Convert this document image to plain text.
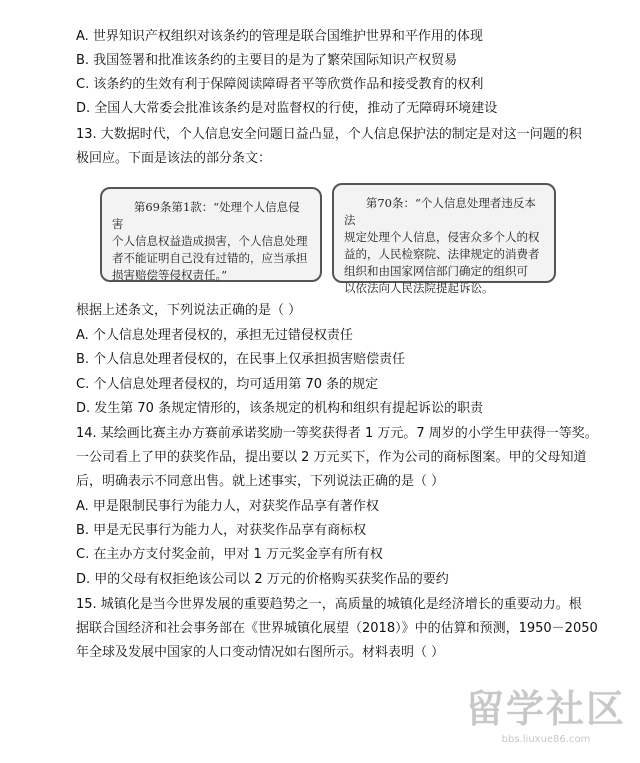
A. 世界知识产权组织对该条约的管理是联合国维护世界和平作用的体现
B. 我国签署和批准该条约的主要目的是为了繁荣国际知识产权贸易
C. 该条约的生效有利于保障阅读障碍者平等欣赏作品和接受教育的权利
D. 全国人大常委会批准该条约是对监督权的行使，推动了无障碍环境建设
13. 大数据时代，个人信息安全问题日益凸显，个人信息保护法的制定是对这一问题的积
极回应。下面是该法的部分条文：

第69条第1款：“处理个人信息侵害

个人信息权益造成损害，个人信息处理

者不能证明自己没有过错的，应当承担

损害赔偿等侵权责任。”

第70条：“个人信息处理者违反本法

规定处理个人信息，侵害众多个人的权

益的，人民检察院、法律规定的消费者

组织和由国家网信部门确定的组织可

以依法向人民法院提起诉讼。

根据上述条文，下列说法正确的是（ ）
A. 个人信息处理者侵权的，承担无过错侵权责任
B. 个人信息处理者侵权的，在民事上仅承担损害赔偿责任
C. 个人信息处理者侵权的，均可适用第 70 条的规定
D. 发生第 70 条规定情形的，该条规定的机构和组织有提起诉讼的职责
14. 某绘画比赛主办方赛前承诺奖励一等奖获得者 1 万元。7 周岁的小学生甲获得一等奖。
一公司看上了甲的获奖作品，提出要以 2 万元买下，作为公司的商标图案。甲的父母知道
后，明确表示不同意出售。就上述事实，下列说法正确的是（ ）
A. 甲是限制民事行为能力人，对获奖作品享有著作权
B. 甲是无民事行为能力人，对获奖作品享有商标权
C. 在主办方支付奖金前，甲对 1 万元奖金享有所有权
D. 甲的父母有权拒绝该公司以 2 万元的价格购买获奖作品的要约
15. 城镇化是当今世界发展的重要趋势之一，高质量的城镇化是经济增长的重要动力。根
据联合国经济和社会事务部在《世界城镇化展望（2018）》中的估算和预测，1950－2050
年全球及发展中国家的人口变动情况如右图所示。材料表明（ ）
留学社区
bbs.liuxue86.com
